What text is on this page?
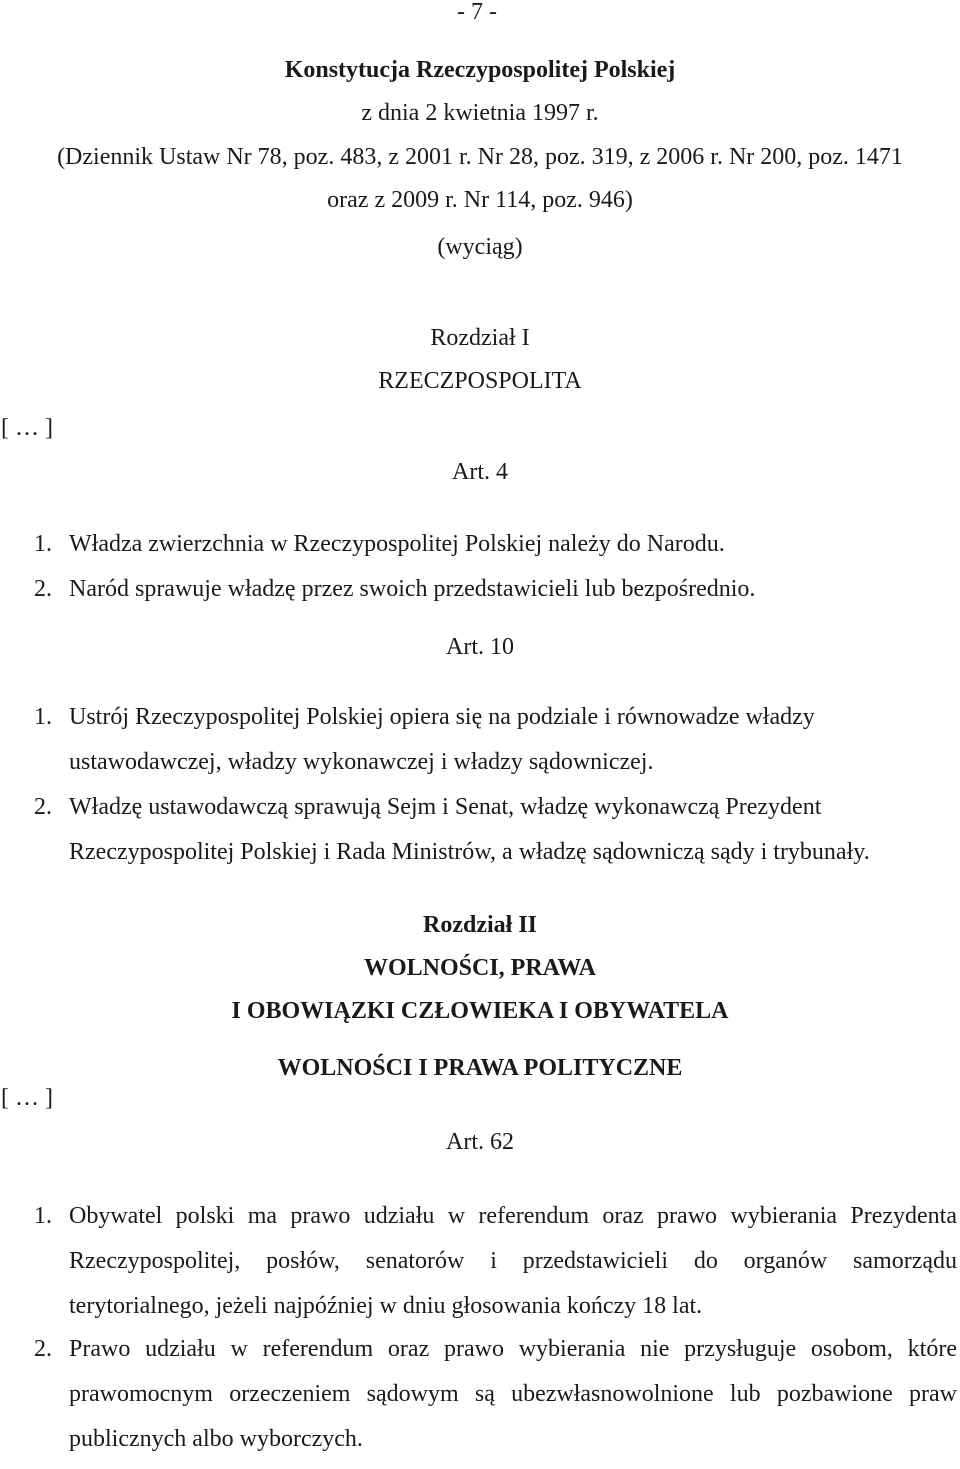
- 7 -
Konstytucja Rzeczypospolitej Polskiej
z dnia 2 kwietnia 1997 r.
(Dziennik Ustaw Nr 78, poz. 483, z 2001 r. Nr 28, poz. 319, z 2006 r. Nr 200, poz. 1471
oraz z 2009 r. Nr 114, poz. 946)
(wyciąg)
Rozdział I
RZECZPOSPOLITA
[ … ]
Art. 4
1. Władza zwierzchnia w Rzeczypospolitej Polskiej należy do Narodu.
2. Naród sprawuje władzę przez swoich przedstawicieli lub bezpośrednio.
Art. 10
1. Ustrój Rzeczypospolitej Polskiej opiera się na podziale i równowadze władzy
ustawodawczej, władzy wykonawczej i władzy sądowniczej.
2. Władzę ustawodawczą sprawują Sejm i Senat, władzę wykonawczą Prezydent
Rzeczypospolitej Polskiej i Rada Ministrów, a władzę sądowniczą sądy i trybunały.
Rozdział II
WOLNOŚCI, PRAWA
I OBOWIĄZKI CZŁOWIEKA I OBYWATELA
WOLNOŚCI I PRAWA POLITYCZNE
[ … ]
Art. 62
1. Obywatel polski ma prawo udziału w referendum oraz prawo wybierania Prezydenta
Rzeczypospolitej, posłów, senatorów i przedstawicieli do organów samorządu
terytorialnego, jeżeli najpóźniej w dniu głosowania kończy 18 lat.
2. Prawo udziału w referendum oraz prawo wybierania nie przysługuje osobom, które
prawomocnym orzeczeniem sądowym są ubezwłasnowolnione lub pozbawione praw
publicznych albo wyborczych.
